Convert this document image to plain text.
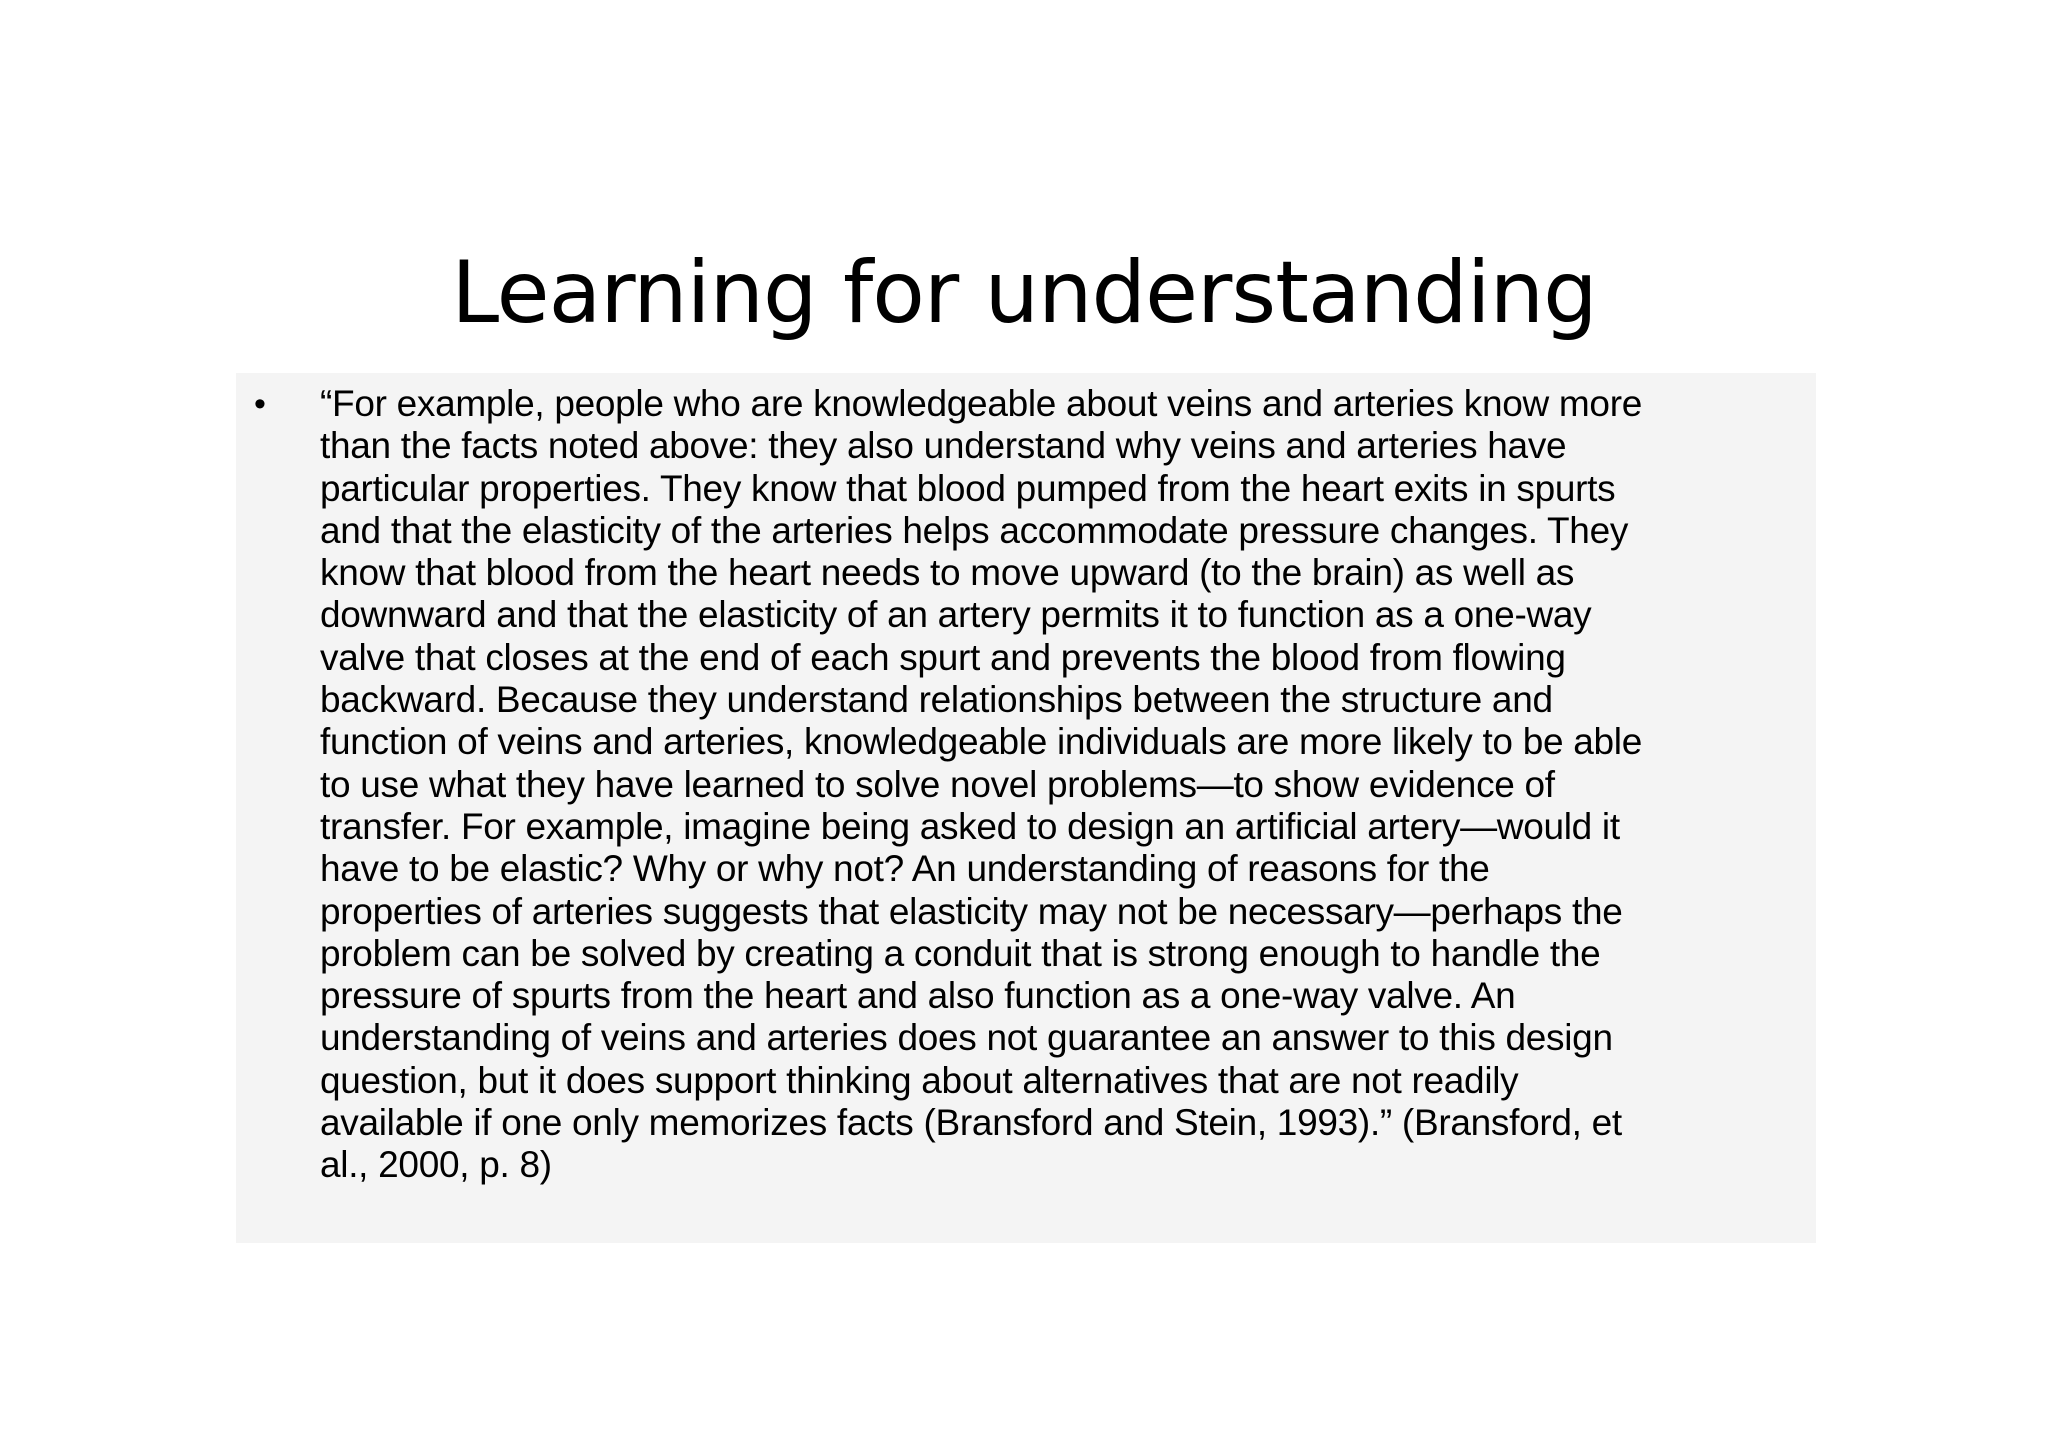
Learning for understanding
• “For example, people who are knowledgeable about veins and arteries know more
than the facts noted above: they also understand why veins and arteries have
particular properties. They know that blood pumped from the heart exits in spurts
and that the elasticity of the arteries helps accommodate pressure changes. They
know that blood from the heart needs to move upward (to the brain) as well as
downward and that the elasticity of an artery permits it to function as a one-way
valve that closes at the end of each spurt and prevents the blood from flowing
backward. Because they understand relationships between the structure and
function of veins and arteries, knowledgeable individuals are more likely to be able
to use what they have learned to solve novel problems—to show evidence of
transfer. For example, imagine being asked to design an artificial artery—would it
have to be elastic? Why or why not? An understanding of reasons for the
properties of arteries suggests that elasticity may not be necessary—perhaps the
problem can be solved by creating a conduit that is strong enough to handle the
pressure of spurts from the heart and also function as a one-way valve. An
understanding of veins and arteries does not guarantee an answer to this design
question, but it does support thinking about alternatives that are not readily
available if one only memorizes facts (Bransford and Stein, 1993).” (Bransford, et
al., 2000, p. 8)
